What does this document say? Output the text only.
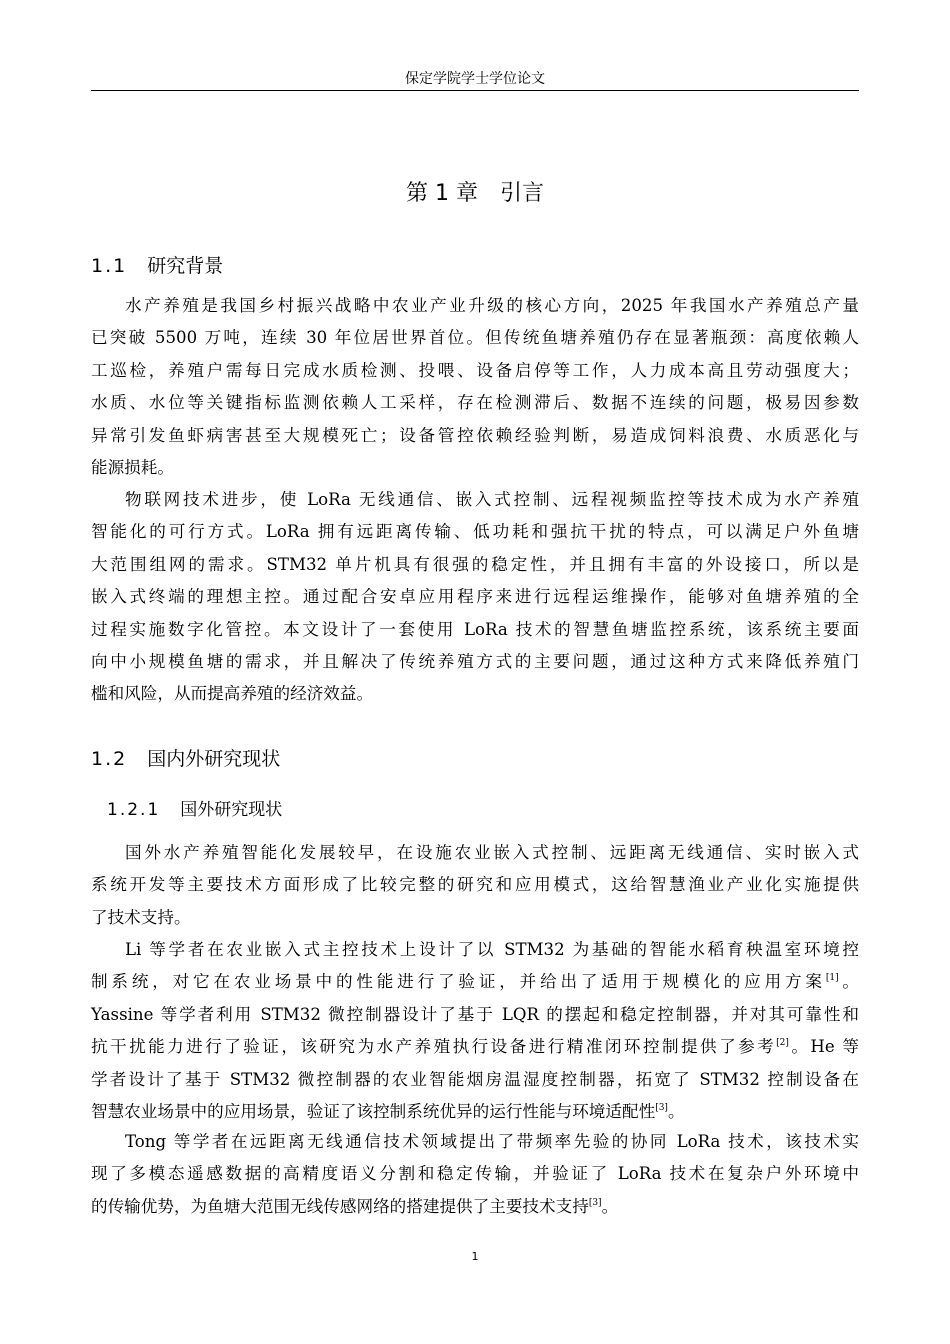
保定学院学士学位论文
第 1 章　引言
1.1 研究背景
水产养殖是我国乡村振兴战略中农业产业升级的核心方向，2025 年我国水产养殖总产量
已突破 5500 万吨，连续 30 年位居世界首位。但传统鱼塘养殖仍存在显著瓶颈：高度依赖人
工巡检，养殖户需每日完成水质检测、投喂、设备启停等工作，人力成本高且劳动强度大；
水质、水位等关键指标监测依赖人工采样，存在检测滞后、数据不连续的问题，极易因参数
异常引发鱼虾病害甚至大规模死亡；设备管控依赖经验判断，易造成饲料浪费、水质恶化与
能源损耗。
物联网技术进步，使 LoRa 无线通信、嵌入式控制、远程视频监控等技术成为水产养殖
智能化的可行方式。LoRa 拥有远距离传输、低功耗和强抗干扰的特点，可以满足户外鱼塘
大范围组网的需求。STM32 单片机具有很强的稳定性，并且拥有丰富的外设接口，所以是
嵌入式终端的理想主控。通过配合安卓应用程序来进行远程运维操作，能够对鱼塘养殖的全
过程实施数字化管控。本文设计了一套使用 LoRa 技术的智慧鱼塘监控系统，该系统主要面
向中小规模鱼塘的需求，并且解决了传统养殖方式的主要问题，通过这种方式来降低养殖门
槛和风险，从而提高养殖的经济效益。
1.2 国内外研究现状
1.2.1 国外研究现状
国外水产养殖智能化发展较早，在设施农业嵌入式控制、远距离无线通信、实时嵌入式
系统开发等主要技术方面形成了比较完整的研究和应用模式，这给智慧渔业产业化实施提供
了技术支持。
Li 等学者在农业嵌入式主控技术上设计了以 STM32 为基础的智能水稻育秧温室环境控
制系统，对它在农业场景中的性能进行了验证，并给出了适用于规模化的应用方案[1]。
Yassine 等学者利用 STM32 微控制器设计了基于 LQR 的摆起和稳定控制器，并对其可靠性和
抗干扰能力进行了验证，该研究为水产养殖执行设备进行精准闭环控制提供了参考[2]。He 等
学者设计了基于 STM32 微控制器的农业智能烟房温湿度控制器，拓宽了 STM32 控制设备在
智慧农业场景中的应用场景，验证了该控制系统优异的运行性能与环境适配性[3]。
Tong 等学者在远距离无线通信技术领域提出了带频率先验的协同 LoRa 技术，该技术实
现了多模态遥感数据的高精度语义分割和稳定传输，并验证了 LoRa 技术在复杂户外环境中
的传输优势，为鱼塘大范围无线传感网络的搭建提供了主要技术支持[3]。
1
